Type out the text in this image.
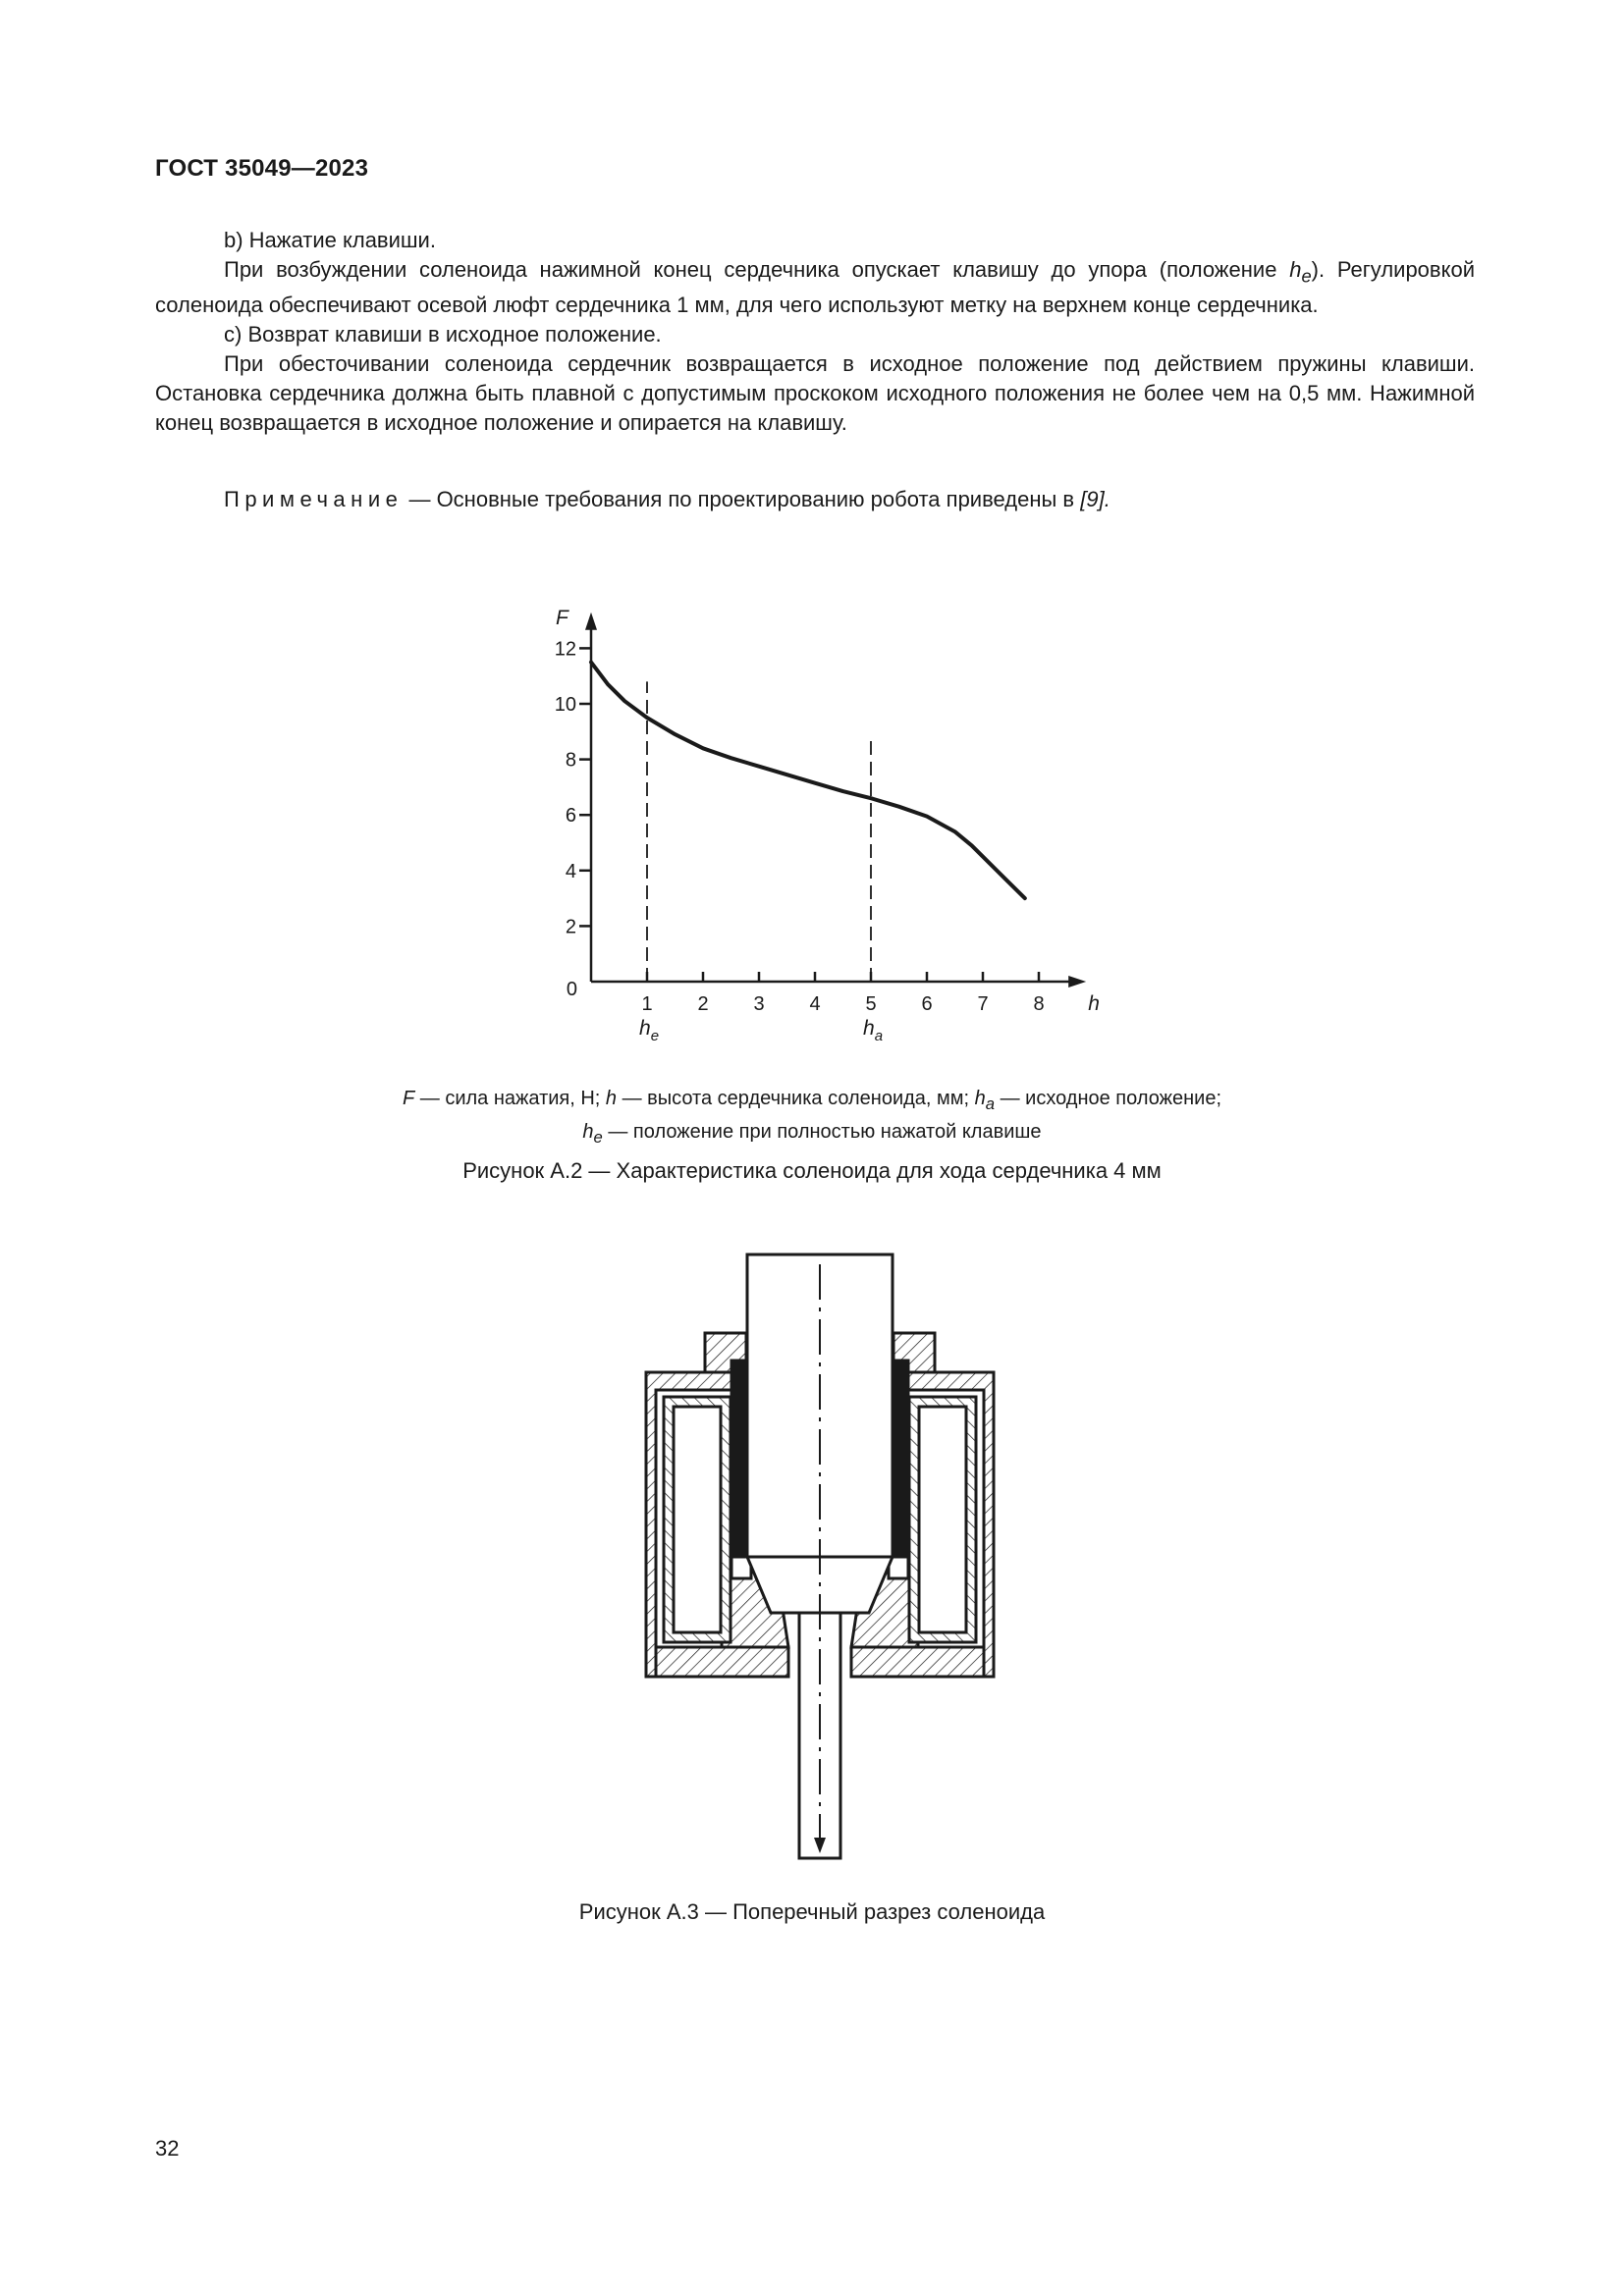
ГОСТ 35049—2023

b) Нажатие клавиши.

При возбуждении соленоида нажимной конец сердечника опускает клавишу до упора (положение $h_e$). Регулировкой соленоида обеспечивают осевой люфт сердечника 1 мм, для чего используют метку на верхнем конце сердечника.

c) Возврат клавиши в исходное положение.

При обесточивании соленоида сердечник возвращается в исходное положение под действием пружины клавиши. Остановка сердечника должна быть плавной с допустимым проскоком исходного положения не более чем на 0,5 мм. Нажимной конец возвращается в исходное положение и опирается на клавишу.

Примечание — Основные требования по проектированию робота приведены в [9].
F
h
0
1 2 3 4 5 6 7 8
2
4
6
8
10
12
$h_e$	$h_a$
F — сила нажатия, Н; h — высота сердечника соленоида, мм; $h_a$ — исходное положение;
$h_e$ — положение при полностью нажатой клавише
Рисунок А.2 — Характеристика соленоида для хода сердечника 4 мм
Рисунок А.3 — Поперечный разрез соленоида
32
